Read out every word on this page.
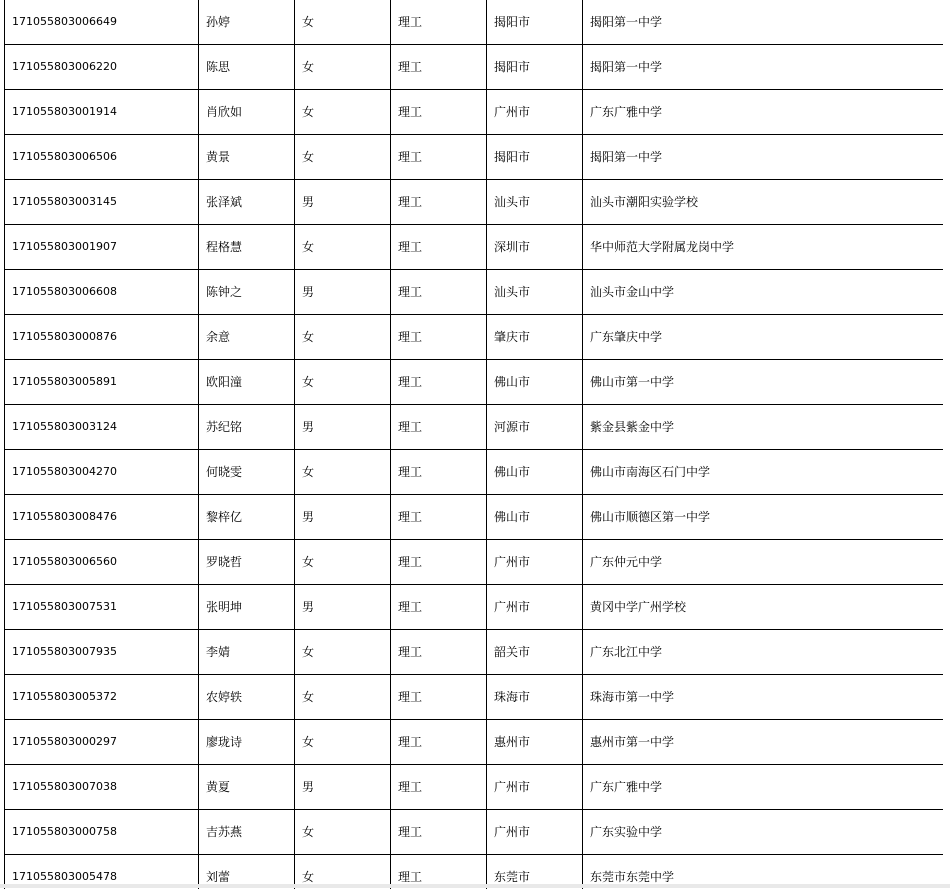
171055803006649	孙婷	女	理工	揭阳市	揭阳第一中学
171055803006220	陈思	女	理工	揭阳市	揭阳第一中学
171055803001914	肖欣如	女	理工	广州市	广东广雅中学
171055803006506	黄景	女	理工	揭阳市	揭阳第一中学
171055803003145	张泽斌	男	理工	汕头市	汕头市潮阳实验学校
171055803001907	程格慧	女	理工	深圳市	华中师范大学附属龙岗中学
171055803006608	陈钟之	男	理工	汕头市	汕头市金山中学
171055803000876	余意	女	理工	肇庆市	广东肇庆中学
171055803005891	欧阳潼	女	理工	佛山市	佛山市第一中学
171055803003124	苏纪铭	男	理工	河源市	紫金县紫金中学
171055803004270	何晓雯	女	理工	佛山市	佛山市南海区石门中学
171055803008476	黎梓亿	男	理工	佛山市	佛山市顺德区第一中学
171055803006560	罗晓哲	女	理工	广州市	广东仲元中学
171055803007531	张明坤	男	理工	广州市	黄冈中学广州学校
171055803007935	李婧	女	理工	韶关市	广东北江中学
171055803005372	农婷轶	女	理工	珠海市	珠海市第一中学
171055803000297	廖珑诗	女	理工	惠州市	惠州市第一中学
171055803007038	黄夏	男	理工	广州市	广东广雅中学
171055803000758	吉苏燕	女	理工	广州市	广东实验中学
171055803005478	刘蕾	女	理工	东莞市	东莞市东莞中学
